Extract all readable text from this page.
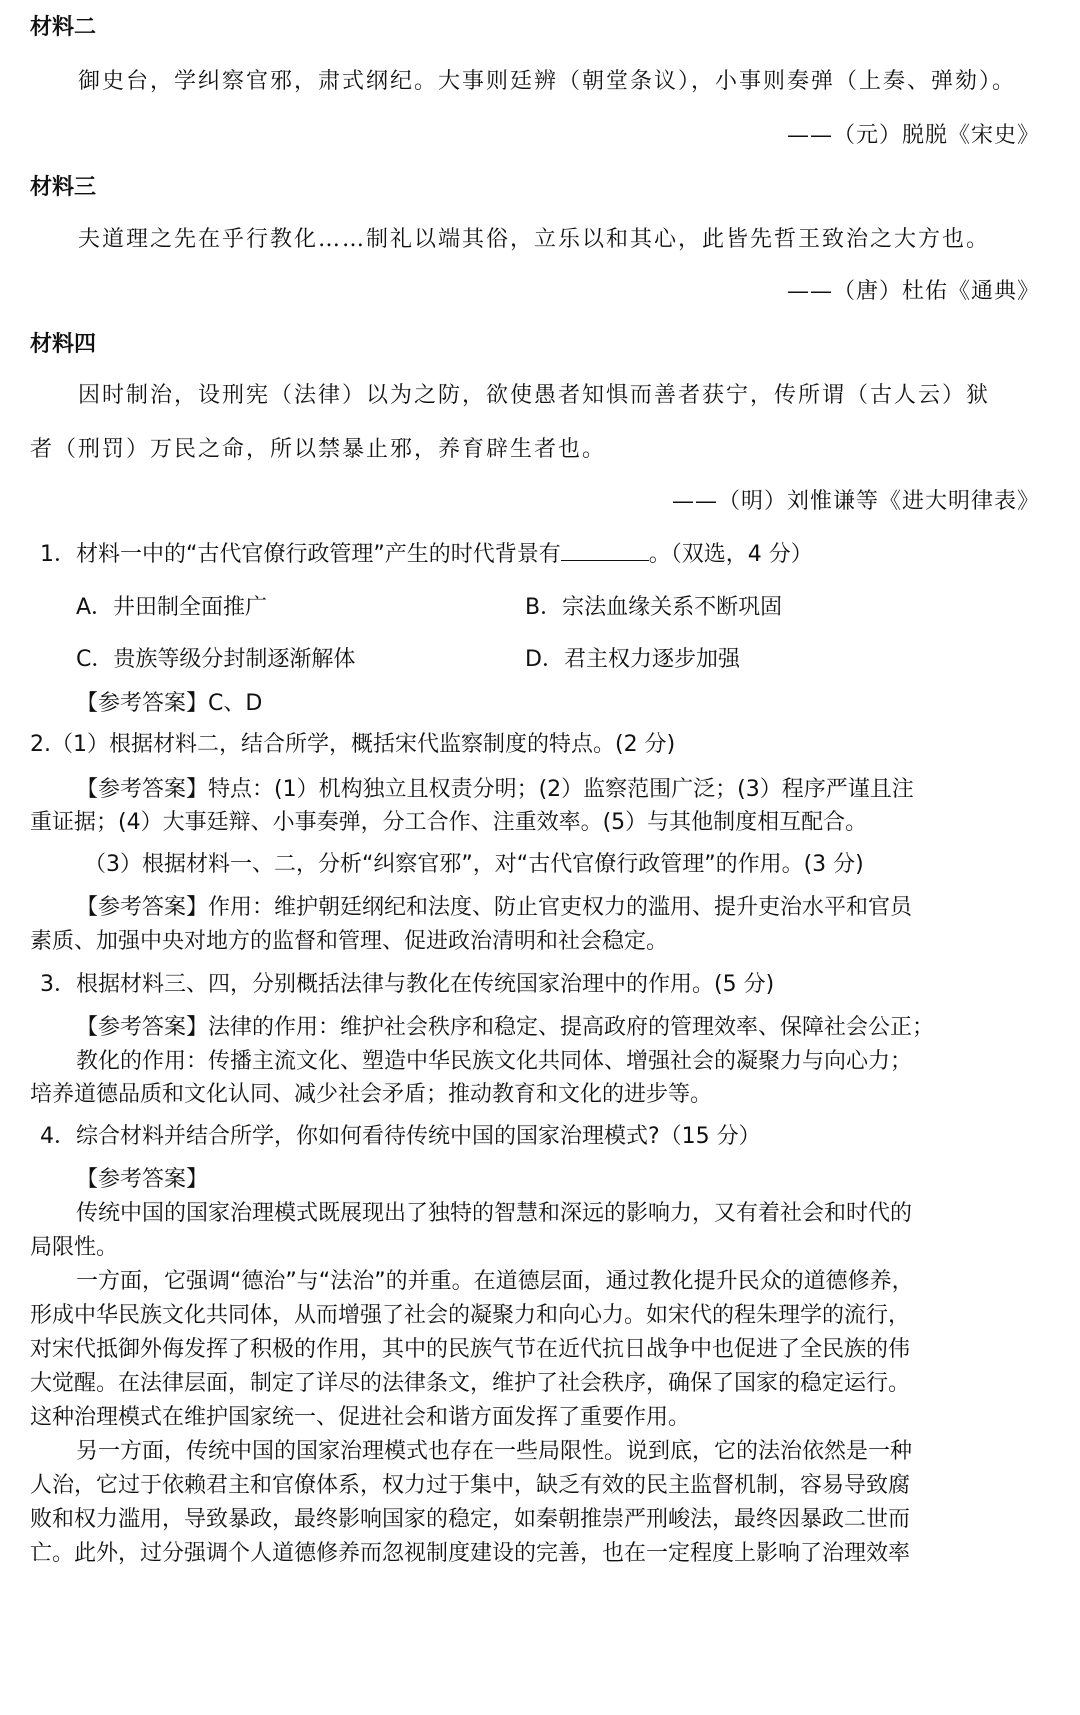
材料二
御史台，学纠察官邪，肃式纲纪。大事则廷辨（朝堂条议），小事则奏弹（上奏、弹劾）。
——（元）脱脱《宋史》
材料三
夫道理之先在乎行教化……制礼以端其俗，立乐以和其心，此皆先哲王致治之大方也。
——（唐）杜佑《通典》
材料四
因时制治，设刑宪（法律）以为之防，欲使愚者知惧而善者获宁，传所谓（古人云）狱
者（刑罚）万民之命，所以禁暴止邪，养育辟生者也。
——（明）刘惟谦等《进大明律表》
1．材料一中的“古代官僚行政管理”产生的时代背景有	。（双选，4 分）
A．井田制全面推广	B．宗法血缘关系不断巩固
C．贵族等级分封制逐渐解体	D．君主权力逐步加强
【参考答案】C、D
2.（1）根据材料二，结合所学，概括宋代监察制度的特点。(2 分)
【参考答案】特点：(1）机构独立且权责分明；(2）监察范围广泛；(3）程序严谨且注
重证据；(4）大事廷辩、小事奏弹，分工合作、注重效率。(5）与其他制度相互配合。
（3）根据材料一、二，分析“纠察官邪”，对“古代官僚行政管理”的作用。(3 分)
【参考答案】作用：维护朝廷纲纪和法度、防止官吏权力的滥用、提升吏治水平和官员
素质、加强中央对地方的监督和管理、促进政治清明和社会稳定。
3．根据材料三、四，分别概括法律与教化在传统国家治理中的作用。(5 分)
【参考答案】法律的作用：维护社会秩序和稳定、提高政府的管理效率、保障社会公正；
教化的作用：传播主流文化、塑造中华民族文化共同体、增强社会的凝聚力与向心力；
培养道德品质和文化认同、减少社会矛盾；推动教育和文化的进步等。
4．综合材料并结合所学，你如何看待传统中国的国家治理模式?（15 分）
【参考答案】
传统中国的国家治理模式既展现出了独特的智慧和深远的影响力，又有着社会和时代的
局限性。
一方面，它强调“德治”与“法治”的并重。在道德层面，通过教化提升民众的道德修养，
形成中华民族文化共同体，从而增强了社会的凝聚力和向心力。如宋代的程朱理学的流行，
对宋代抵御外侮发挥了积极的作用，其中的民族气节在近代抗日战争中也促进了全民族的伟
大觉醒。在法律层面，制定了详尽的法律条文，维护了社会秩序，确保了国家的稳定运行。
这种治理模式在维护国家统一、促进社会和谐方面发挥了重要作用。
另一方面，传统中国的国家治理模式也存在一些局限性。说到底，它的法治依然是一种
人治，它过于依赖君主和官僚体系，权力过于集中，缺乏有效的民主监督机制，容易导致腐
败和权力滥用，导致暴政，最终影响国家的稳定，如秦朝推崇严刑峻法，最终因暴政二世而
亡。此外，过分强调个人道德修养而忽视制度建设的完善，也在一定程度上影响了治理效率
